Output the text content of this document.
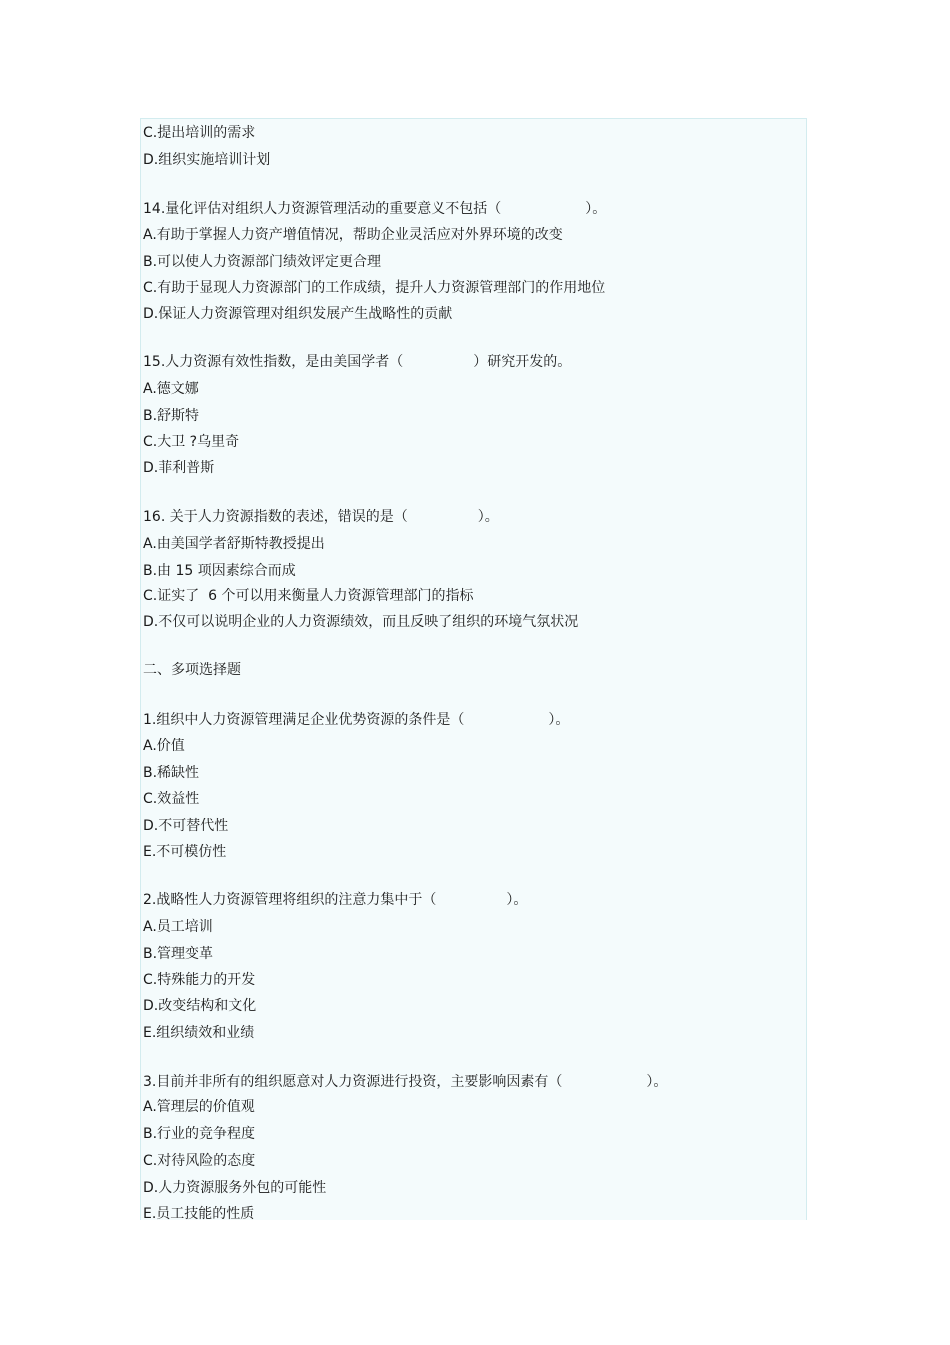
C.提出培训的需求
D.组织实施培训计划
14.量化评估对组织人力资源管理活动的重要意义不包括（　　　　　　）。
A.有助于掌握人力资产增值情况，帮助企业灵活应对外界环境的改变
B.可以使人力资源部门绩效评定更合理
C.有助于显现人力资源部门的工作成绩，提升人力资源管理部门的作用地位
D.保证人力资源管理对组织发展产生战略性的贡献
15.人力资源有效性指数，是由美国学者（　　　　　）研究开发的。
A.德文娜
B.舒斯特
C.大卫 ?乌里奇
D.菲利普斯
16. 关于人力资源指数的表述，错误的是（　　　　　）。
A.由美国学者舒斯特教授提出
B.由 15 项因素综合而成
C.证实了  6 个可以用来衡量人力资源管理部门的指标
D.不仅可以说明企业的人力资源绩效，而且反映了组织的环境气氛状况
二、多项选择题
1.组织中人力资源管理满足企业优势资源的条件是（　　　　　　）。
A.价值
B.稀缺性
C.效益性
D.不可替代性
E.不可模仿性
2.战略性人力资源管理将组织的注意力集中于（　　　　　）。
A.员工培训
B.管理变革
C.特殊能力的开发
D.改变结构和文化
E.组织绩效和业绩
3.目前并非所有的组织愿意对人力资源进行投资，主要影响因素有（　　　　　　）。
A.管理层的价值观
B.行业的竞争程度
C.对待风险的态度
D.人力资源服务外包的可能性
E.员工技能的性质
